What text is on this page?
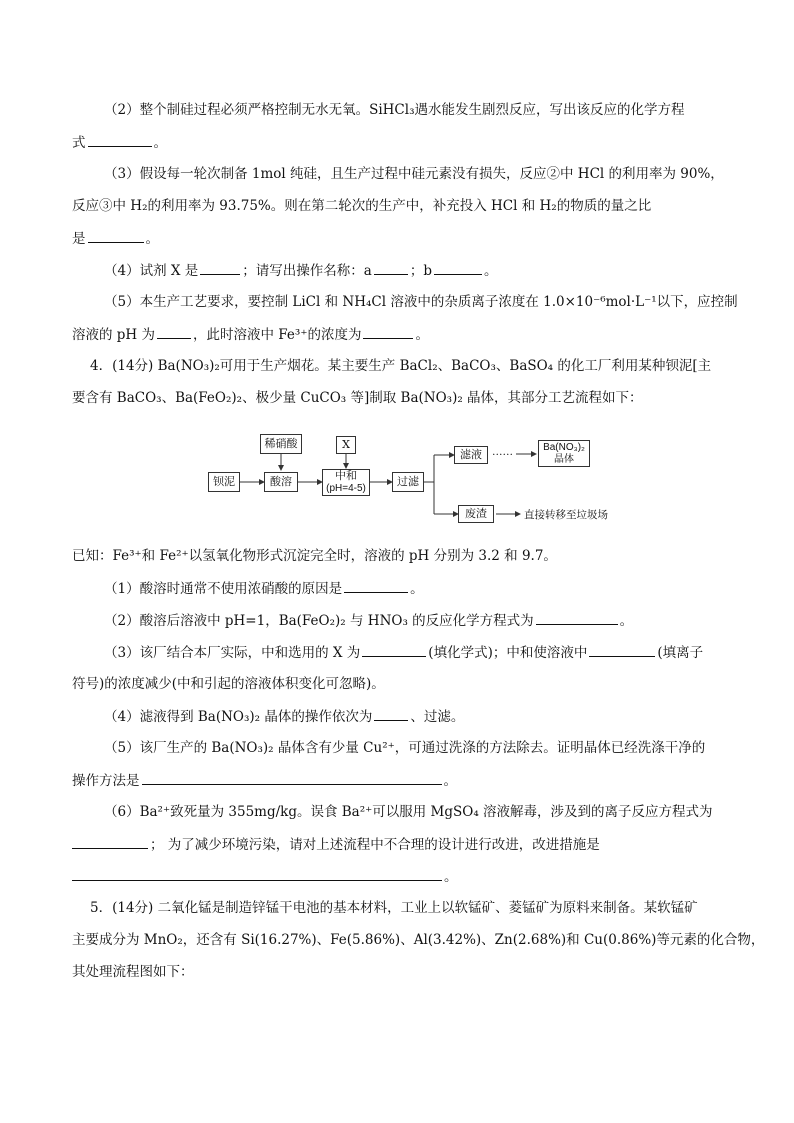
（2）整个制硅过程必须严格控制无水无氧。SiHCl₃遇水能发生剧烈反应，写出该反应的化学方程
式	。
（3）假设每一轮次制备 1mol 纯硅，且生产过程中硅元素没有损失，反应②中 HCl 的利用率为 90%，
反应③中 H₂的利用率为 93.75%。则在第二轮次的生产中，补充投入 HCl 和 H₂的物质的量之比
是	。
（4）试剂 X 是	；请写出操作名称：a	；b	。
（5）本生产工艺要求，要控制 LiCl 和 NH₄Cl 溶液中的杂质离子浓度在 1.0×10⁻⁶mol·L⁻¹以下，应控制
溶液的 pH 为	，此时溶液中 Fe³⁺的浓度为	。
4．(14分) Ba(NO₃)₂可用于生产烟花。某主要生产 BaCl₂、BaCO₃、BaSO₄ 的化工厂利用某种钡泥[主
要含有 BaCO₃、Ba(FeO₂)₂、极少量 CuCO₃ 等]制取 Ba(NO₃)₂ 晶体，其部分工艺流程如下：
稀硝酸	X
钡泥	酸溶	中和
(pH=4-5)
过滤
滤液 ……	Ba(NO₃)₂
晶体
废渣	直接转移至垃圾场
已知：Fe³⁺和 Fe²⁺以氢氧化物形式沉淀完全时，溶液的 pH 分别为 3.2 和 9.7。
（1）酸溶时通常不使用浓硝酸的原因是	。
（2）酸溶后溶液中 pH=1，Ba(FeO₂)₂ 与 HNO₃ 的反应化学方程式为	。
（3）该厂结合本厂实际，中和选用的 X 为	(填化学式)；中和使溶液中	(填离子
符号)的浓度减少(中和引起的溶液体积变化可忽略)。
（4）滤液得到 Ba(NO₃)₂ 晶体的操作依次为	、过滤。
（5）该厂生产的 Ba(NO₃)₂ 晶体含有少量 Cu²⁺，可通过洗涤的方法除去。证明晶体已经洗涤干净的
操作方法是	。
（6）Ba²⁺致死量为 355mg/kg。误食 Ba²⁺可以服用 MgSO₄ 溶液解毒，涉及到的离子反应方程式为
； 为了减少环境污染，请对上述流程中不合理的设计进行改进，改进措施是
。
5．(14分) 二氧化锰是制造锌锰干电池的基本材料，工业上以软锰矿、菱锰矿为原料来制备。某软锰矿
主要成分为 MnO₂，还含有 Si(16.27%)、Fe(5.86%)、Al(3.42%)、Zn(2.68%)和 Cu(0.86%)等元素的化合物，
其处理流程图如下：
